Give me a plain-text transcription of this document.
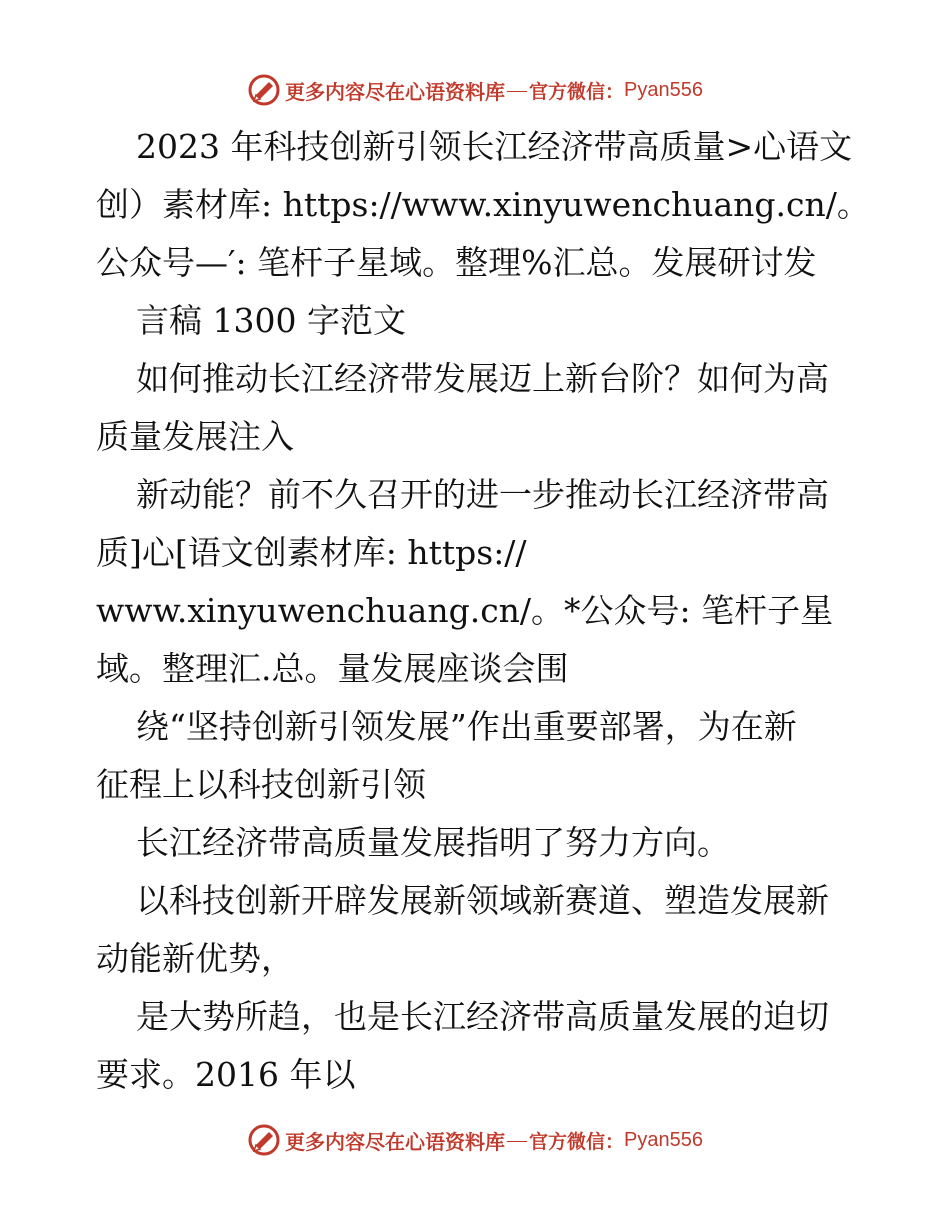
更多内容尽在心语资料库 — 官方微信： Pyan556
2023 年科技创新引领长江经济带高质量>心语文
创）素材库: https://www.xinyuwenchuang.cn/。
公众号—′: 笔杆子星域。整理%汇总。发展研讨发
言稿 1300 字范文
如何推动长江经济带发展迈上新台阶？如何为高
质量发展注入
新动能？前不久召开的进一步推动长江经济带高
质]心[语文创素材库: https://
www.xinyuwenchuang.cn/。*公众号: 笔杆子星
域。整理汇.总。量发展座谈会围
绕“坚持创新引领发展”作出重要部署，为在新
征程上以科技创新引领
长江经济带高质量发展指明了努力方向。
以科技创新开辟发展新领域新赛道、塑造发展新
动能新优势，
是大势所趋，也是长江经济带高质量发展的迫切
要求。2016 年以
更多内容尽在心语资料库 — 官方微信： Pyan556
